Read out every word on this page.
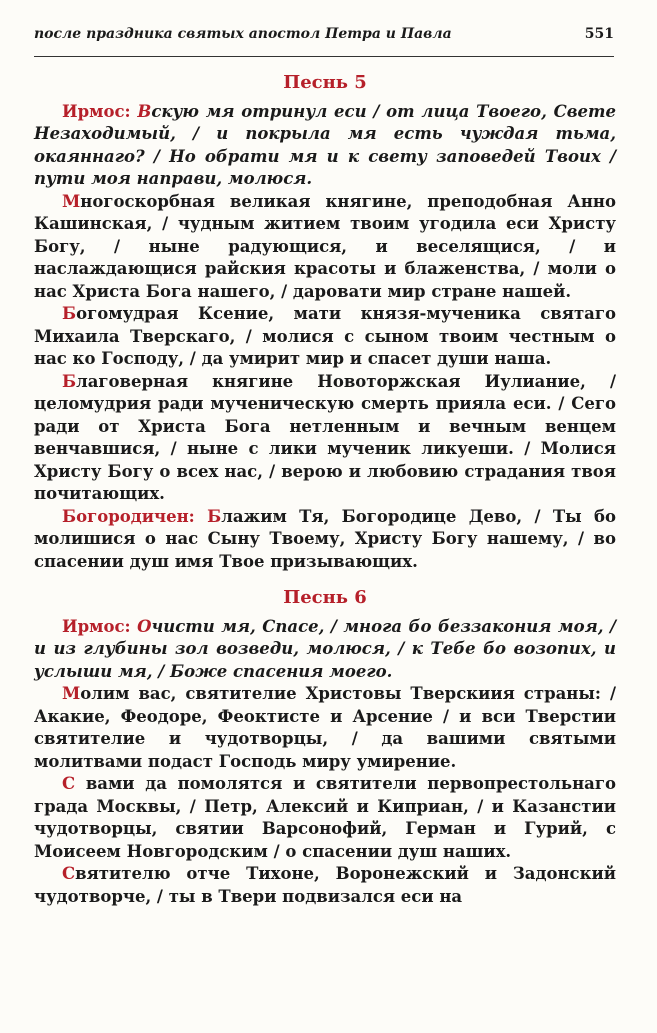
после праздника святых апостол Петра и Павла	551
Песнь 5

Ирмос: Вскую мя отринул еси / от лица Твоего, Свете Незаходимый, / и покрыла мя есть чуждая тьма, окаяннаго? / Но обрати мя и к свету заповедей Твоих / пути моя направи, молюся.

Многоскорбная великая княгине, преподобная Анно Кашинская, / чудным житием твоим угодила еси Христу Богу, / ныне радующися, и веселящися, / и наслаждающися райския красоты и блаженства, / моли о нас Христа Бога нашего, / даровати мир стране нашей.

Богомудрая Ксение, мати князя-мученика святаго Михаила Тверскаго, / молися с сыном твоим честным о нас ко Господу, / да умирит мир и спасет души наша.

Благоверная княгине Новоторжская Иулиание, / целомудрия ради мученическую смерть прияла еси. / Сего ради от Христа Бога нетленным и вечным венцем венчавшися, / ныне с лики мученик ликуеши. / Молися Христу Богу о всех нас, / верою и любовию страдания твоя почитающих.

Богородичен: Блажим Тя, Богородице Дево, / Ты бо молишися о нас Сыну Твоему, Христу Богу нашему, / во спасении душ имя Твое призывающих.

Песнь 6

Ирмос: Очисти мя, Спасе, / многа бо беззакония моя, / и из глубины зол возведи, молюся, / к Тебе бо возопих, и услыши мя, / Боже спасения моего.

Молим вас, святителие Христовы Тверскиия страны: / Акакие, Феодоре, Феоктисте и Арсение / и вси Тверстии святителие и чудотворцы, / да вашими святыми молитвами подаст Господь миру умирение.

С вами да помолятся и святители первопрестольнаго града Москвы, / Петр, Алексий и Киприан, / и Казанстии чудотворцы, святии Варсонофий, Герман и Гурий, с Моисеем Новгородским / о спасении душ наших.

Святителю отче Тихоне, Воронежский и Задонский чудотворче, / ты в Твери подвизался еси на
